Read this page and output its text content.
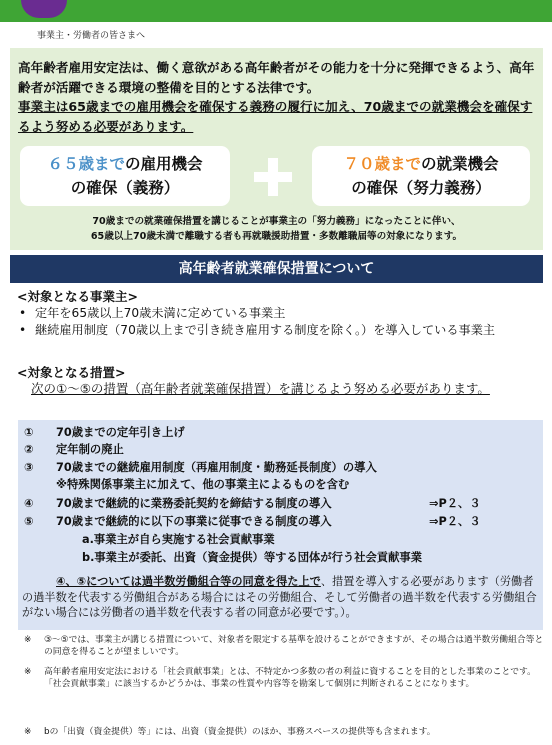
事業主・労働者の皆さまへ
高年齢者雇用安定法は、働く意欲がある高年齢者がその能力を十分に発揮できるよう、高年齢者が活躍できる環境の整備を目的とする法律です。
事業主は65歳までの雇用機会を確保する義務の履行に加え、70歳までの就業機会を確保するよう努める必要があります。
６５歳までの雇用機会
の確保（義務）
７０歳までの就業機会
の確保（努力義務）
70歳までの就業確保措置を講じることが事業主の「努力義務」になったことに伴い、
65歳以上70歳未満で離職する者も再就職援助措置・多数離職届等の対象になります。
高年齢者就業確保措置について
<対象となる事業主>
• 定年を65歳以上70歳未満に定めている事業主
• 継続雇用制度（70歳以上まで引き続き雇用する制度を除く。）を導入している事業主
<対象となる措置>
次の①～⑤の措置（高年齢者就業確保措置）を講じるよう努める必要があります。
① 70歳までの定年引き上げ
② 定年制の廃止
③ 70歳までの継続雇用制度（再雇用制度・勤務延長制度）の導入
※特殊関係事業主に加えて、他の事業主によるものを含む
④ 70歳まで継続的に業務委託契約を締結する制度の導入	⇒P２、３
⑤ 70歳まで継続的に以下の事業に従事できる制度の導入	⇒P２、３
a.事業主が自ら実施する社会貢献事業
b.事業主が委託、出資（資金提供）等する団体が行う社会貢献事業
④、⑤については過半数労働組合等の同意を得た上で、措置を導入する必要があります（労働者の過半数を代表する労働組合がある場合にはその労働組合、そして労働者の過半数を代表する労働組合がない場合には労働者の過半数を代表する者の同意が必要です。）。
※ ③～⑤では、事業主が講じる措置について、対象者を限定する基準を設けることができますが、その場合は過半数労働組合等との同意を得ることが望ましいです。
※ 高年齢者雇用安定法における「社会貢献事業」とは、不特定かつ多数の者の利益に資することを目的とした事業のことです。「社会貢献事業」に該当するかどうかは、事業の性質や内容等を勘案して個別に判断されることになります。
※ bの「出資（資金提供）等」には、出資（資金提供）のほか、事務スペースの提供等も含まれます。
